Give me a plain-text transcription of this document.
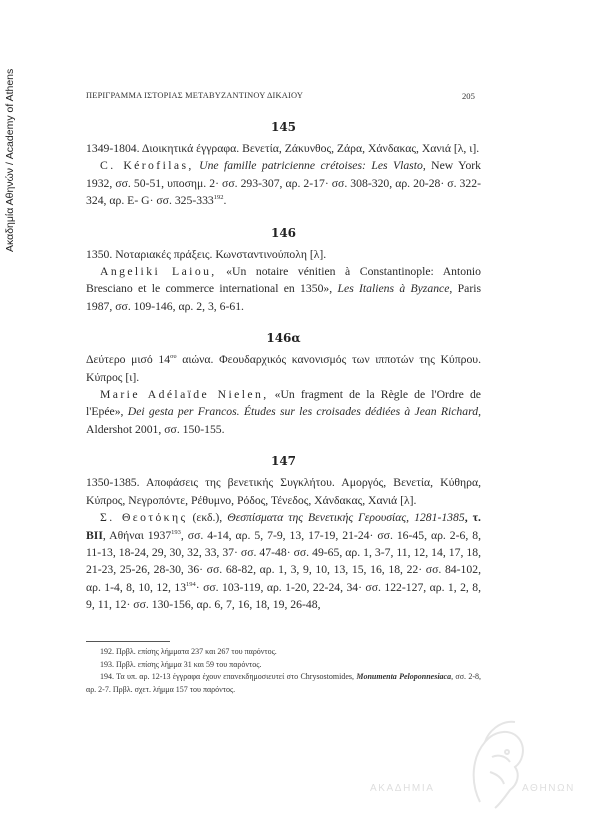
Ακαδημία Αθηνών / Academy of Athens	ΠΕΡΙΓΡΑΜΜΑ ΙΣΤΟΡΙΑΣ ΜΕΤΑΒΥΖΑΝΤΙΝΟΥ ΔΙΚΑΙΟΥ	205
145

1349-1804. Διοικητικά έγγραφα. Βενετία, Ζάκυνθος, Ζάρα, Χάνδακας, Χανιά [λ, ι].

C. Kérofilas, Une famille patricienne crétoises: Les Vlasto, New York 1932, σσ. 50-51, υποσημ. 2· σσ. 293-307, αρ. 2-17· σσ. 308-320, αρ. 20-28· σ. 322-324, αρ. E- G· σσ. $325-333^{192}$.

146

1350. Νοταριακές πράξεις. Κωνσταντινούπολη [λ].

Angeliki Laiou, «Un notaire vénitien à Constantinople: Antonio Bresciano et le commerce international en 1350», Les Italiens à Byzance, Paris 1987, σσ. 109-146, αρ. 2, 3, 6-61.

146α

Δεύτερο μισό $14^{o\upsilon}$ αιώνα. Φεουδαρχικός κανονισμός των ιπποτών της Κύπρου. Κύπρος [ι].

Marie Adélaïde Nielen, «Un fragment de la Règle de l'Ordre de l'Epée», Dei gesta per Francos. Études sur les croisades dédiées à Jean Richard, Aldershot 2001, σσ. 150-155.

147

1350-1385. Αποφάσεις της βενετικής Συγκλήτου. Αμοργός, Βενετία, Κύθηρα, Κύπρος, Νεγροπόντε, Ρέθυμνο, Ρόδος, Τένεδος, Χάνδακας, Χανιά [λ].

Σ. Θεοτόκης (εκδ.), Θεσπίσματα της Βενετικής Γερουσίας, 1281-1385, τ. ΒΙΙ, Αθήναι 1937$^{193}$, σσ. 4-14, αρ. 5, 7-9, 13, 17-19, 21-24· σσ. 16-45, αρ. 2-6, 8, 11-13, 18-24, 29, 30, 32, 33, 37· σσ. 47-48· σσ. 49-65, αρ. 1, 3-7, 11, 12, 14, 17, 18, 21-23, 25-26, 28-30, 36· σσ. 68-82, αρ. 1, 3, 9, 10, 13, 15, 16, 18, 22· σσ. 84-102, αρ. 1-4, 8, 10, 12, $13^{194}\cdot \sigma\sigma$. 103-119, αρ. 1-20, 22-24, 34· σσ. 122-127, αρ. 1, 2, 8, 9, 11, 12· σσ. 130-156, αρ. 6, 7, 16, 18, 19, 26-48,

192. Πρβλ. επίσης λήμματα 237 και 267 του παρόντος.

193. Πρβλ. επίσης λήμμα 31 και 59 του παρόντος.

194. Τα υπ. αρ. 12-13 έγγραφα έχουν επανεκδημοσιευτεί στο Chrysostomides, Monumenta Peloponnesiaca, σσ. 2-8, αρ. 2-7. Πρβλ. σχετ. λήμμα 157 του παρόντος.

ΑΚΑΔΗΜΙΑ	ΑΘΗΝΩΝ
